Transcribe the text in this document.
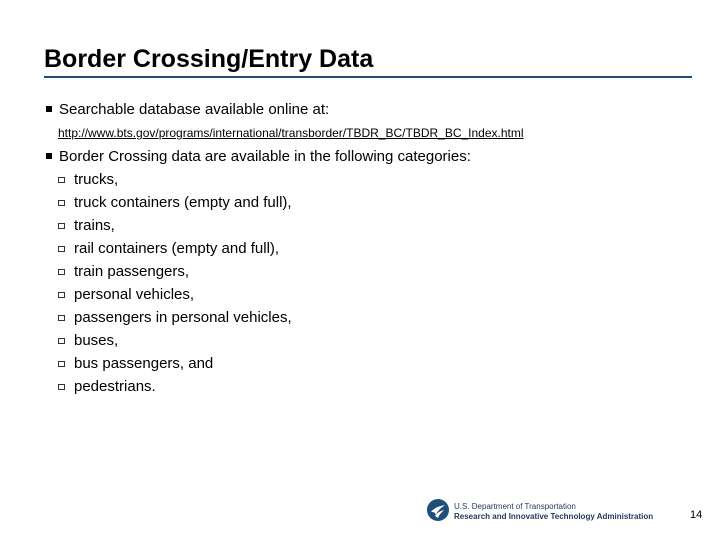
Border Crossing/Entry Data
Searchable database available online at:
http://www.bts.gov/programs/international/transborder/TBDR_BC/TBDR_BC_Index.html
Border Crossing data are available in the following categories:
trucks,
truck containers (empty and full),
trains,
rail containers (empty and full),
train passengers,
personal vehicles,
passengers in personal vehicles,
buses,
bus passengers, and
pedestrians.
U.S. Department of Transportation
Research and Innovative Technology Administration	14
